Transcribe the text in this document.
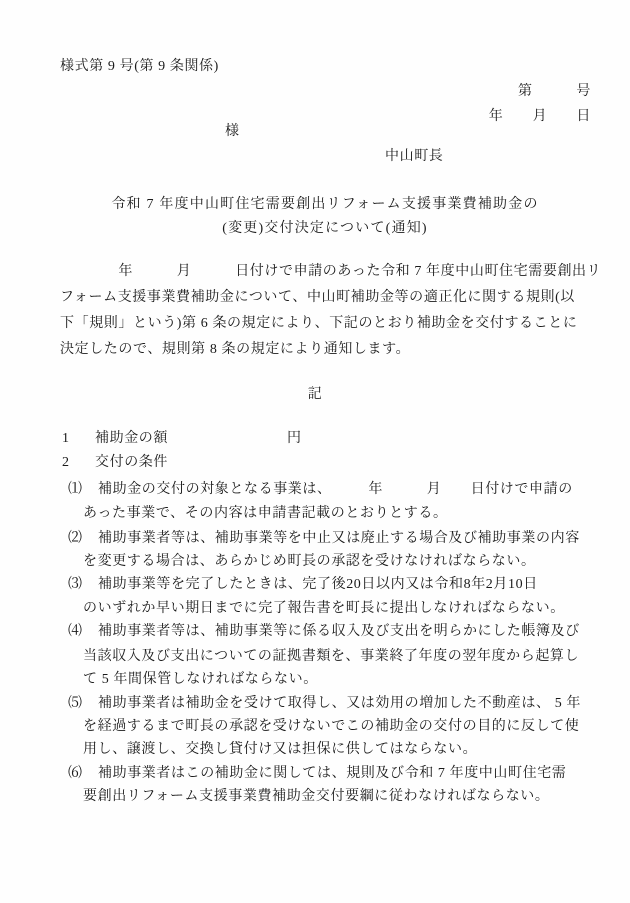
様式第 9 号(第 9 条関係)
第　　　号
年　　月　　日
様
中山町長
令和 7 年度中山町住宅需要創出リフォーム支援事業費補助金の
(変更)交付決定について(通知)
　　　　年　　　月　　　日付けで申請のあった令和 7 年度中山町住宅需要創出リ
フォーム支援事業費補助金について、中山町補助金等の適正化に関する規則(以
下「規則」という)第 6 条の規定により、下記のとおり補助金を交付することに
決定したので、規則第 8 条の規定により通知します。
記
1 補助金の額	円
2 交付の条件
⑴ 補助金の交付の対象となる事業は、　　　年　　　月　　日付けで申請の
あった事業で、その内容は申請書記載のとおりとする。
⑵ 補助事業者等は、補助事業等を中止又は廃止する場合及び補助事業の内容
を変更する場合は、あらかじめ町長の承認を受けなければならない。
⑶ 補助事業等を完了したときは、完了後20日以内又は令和8年2月10日
のいずれか早い期日までに完了報告書を町長に提出しなければならない。
⑷ 補助事業者等は、補助事業等に係る収入及び支出を明らかにした帳簿及び
当該収入及び支出についての証拠書類を、事業終了年度の翌年度から起算し
て 5 年間保管しなければならない。
⑸ 補助事業者は補助金を受けて取得し、又は効用の増加した不動産は、 5 年
を経過するまで町長の承認を受けないでこの補助金の交付の目的に反して使
用し、譲渡し、交換し貸付け又は担保に供してはならない。
⑹ 補助事業者はこの補助金に関しては、規則及び令和 7 年度中山町住宅需
要創出リフォーム支援事業費補助金交付要綱に従わなければならない。
